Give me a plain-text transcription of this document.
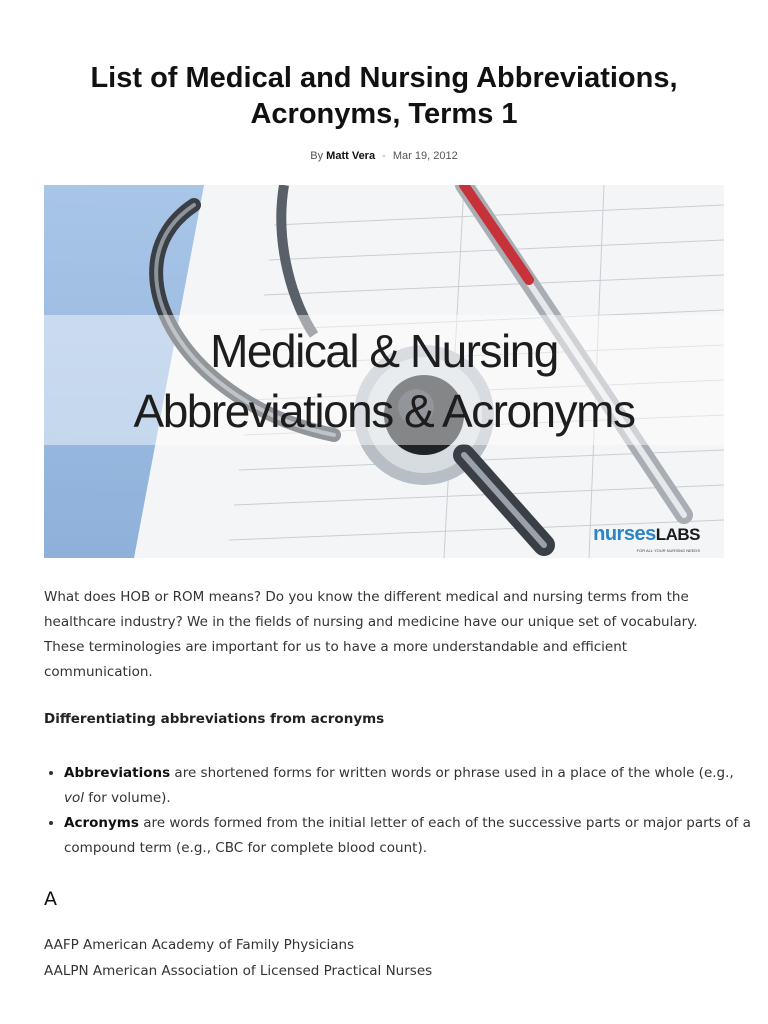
List of Medical and Nursing Abbreviations, Acronyms, Terms 1
By Matt Vera - Mar 19, 2012
Medical & Nursing
Abbreviations & Acronyms
nursesLABS
FOR ALL YOUR NURSING NEEDS

What does HOB or ROM means? Do you know the different medical and nursing terms from the healthcare industry? We in the fields of nursing and medicine have our unique set of vocabulary. These terminologies are important for us to have a more understandable and efficient communication.

Differentiating abbreviations from acronyms
• Abbreviations are shortened forms for written words or phrase used in a place of the whole (e.g., vol for volume).
• Acronyms are words formed from the initial letter of each of the successive parts or major parts of a compound term (e.g., CBC for complete blood count).
A

AAFP American Academy of Family Physicians

AALPN American Association of Licensed Practical Nurses
